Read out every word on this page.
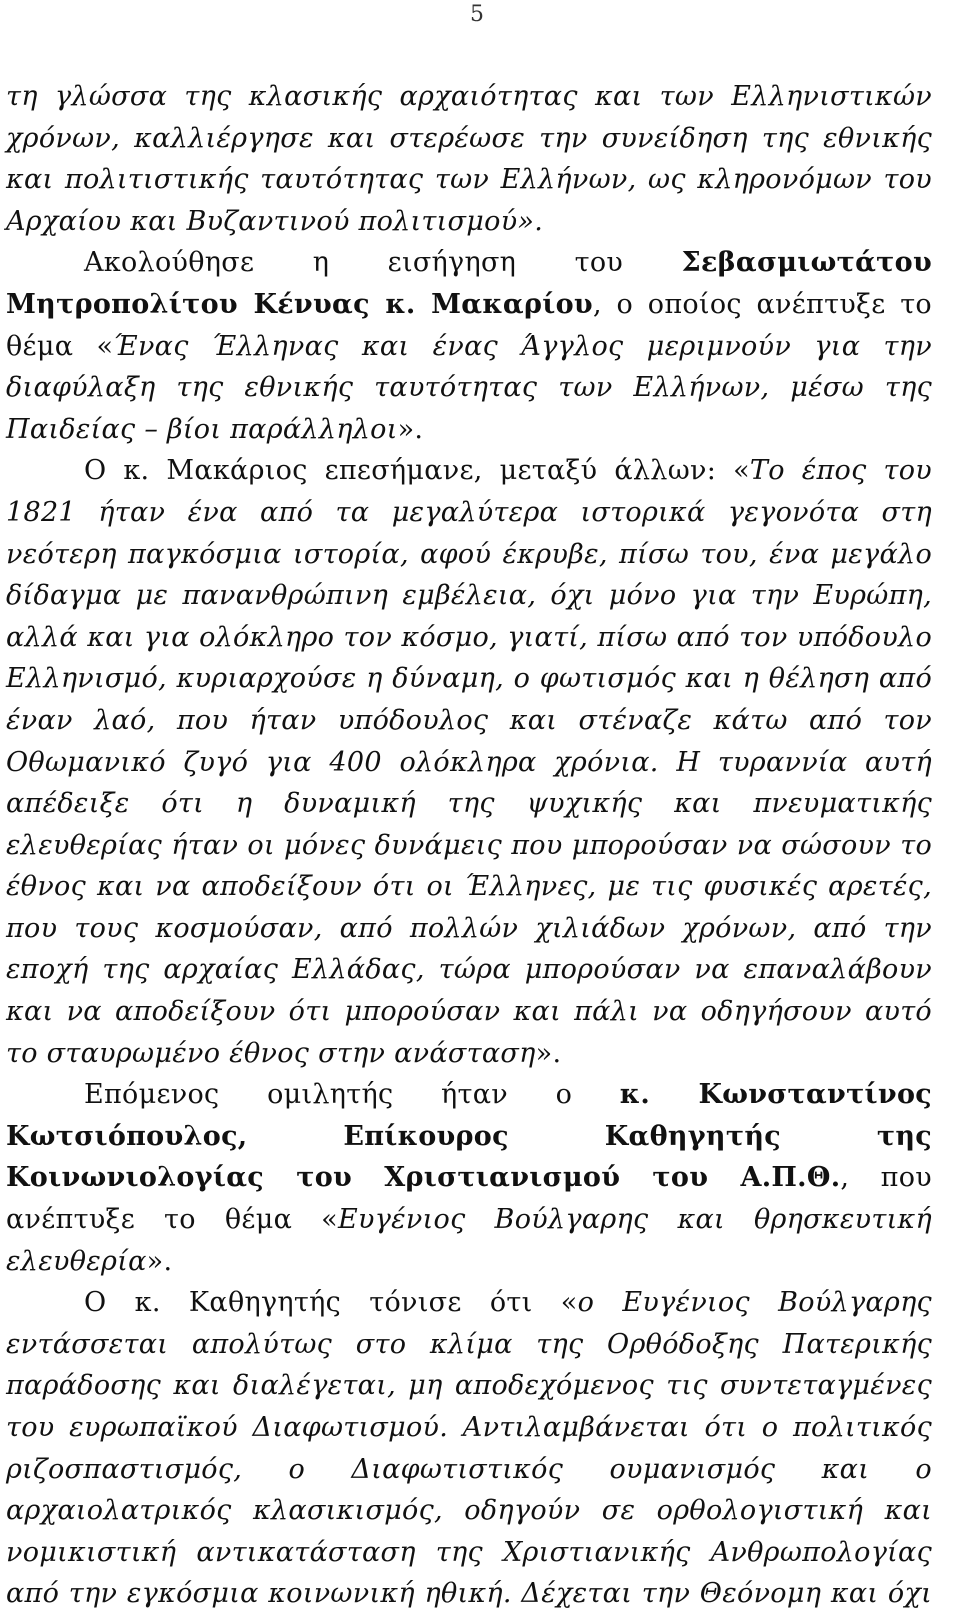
5

τη γλώσσα της κλασικής αρχαιότητας και των Ελληνιστικών χρόνων, καλλιέργησε και στερέωσε την συνείδηση της εθνικής και πολιτιστικής ταυτότητας των Ελλήνων, ως κληρονόμων του Αρχαίου και Βυζαντινού πολιτισμού».

Ακολούθησε η εισήγηση του Σεβασμιωτάτου Μητροπολίτου Κένυας κ. Μακαρίου, ο οποίος ανέπτυξε το θέμα «Ένας Έλληνας και ένας Άγγλος μεριμνούν για την διαφύλαξη της εθνικής ταυτότητας των Ελλήνων, μέσω της Παιδείας – βίοι παράλληλοι».

Ο κ. Μακάριος επεσήμανε, μεταξύ άλλων: «Το έπος του 1821 ήταν ένα από τα μεγαλύτερα ιστορικά γεγονότα στη νεότερη παγκόσμια ιστορία, αφού έκρυβε, πίσω του, ένα μεγάλο δίδαγμα με πανανθρώπινη εμβέλεια, όχι μόνο για την Ευρώπη, αλλά και για ολόκληρο τον κόσμο, γιατί, πίσω από τον υπόδουλο Ελληνισμό, κυριαρχούσε η δύναμη, ο φωτισμός και η θέληση από έναν λαό, που ήταν υπόδουλος και στέναζε κάτω από τον Οθωμανικό ζυγό για 400 ολόκληρα χρόνια. Η τυραννία αυτή απέδειξε ότι η δυναμική της ψυχικής και πνευματικής ελευθερίας ήταν οι μόνες δυνάμεις που μπορούσαν να σώσουν το έθνος και να αποδείξουν ότι οι Έλληνες, με τις φυσικές αρετές, που τους κοσμούσαν, από πολλών χιλιάδων χρόνων, από την εποχή της αρχαίας Ελλάδας, τώρα μπορούσαν να επαναλάβουν και να αποδείξουν ότι μπορούσαν και πάλι να οδηγήσουν αυτό το σταυρωμένο έθνος στην ανάσταση».

Επόμενος ομιλητής ήταν ο κ. Κωνσταντίνος Κωτσιόπουλος, Επίκουρος Καθηγητής της Κοινωνιολογίας του Χριστιανισμού του Α.Π.Θ., που ανέπτυξε το θέμα «Ευγένιος Βούλγαρης και θρησκευτική ελευθερία».

Ο κ. Καθηγητής τόνισε ότι «ο Ευγένιος Βούλγαρης εντάσσεται απολύτως στο κλίμα της Ορθόδοξης Πατερικής παράδοσης και διαλέγεται, μη αποδεχόμενος τις συντεταγμένες του ευρωπαϊκού Διαφωτισμού. Αντιλαμβάνεται ότι ο πολιτικός ριζοσπαστισμός, ο Διαφωτιστικός ουμανισμός και ο αρχαιολατρικός κλασικισμός, οδηγούν σε ορθολογιστική και νομικιστική αντικατάσταση της Χριστιανικής Ανθρωπολογίας από την εγκόσμια κοινωνική ηθική. Δέχεται την Θεόνομη και όχι
